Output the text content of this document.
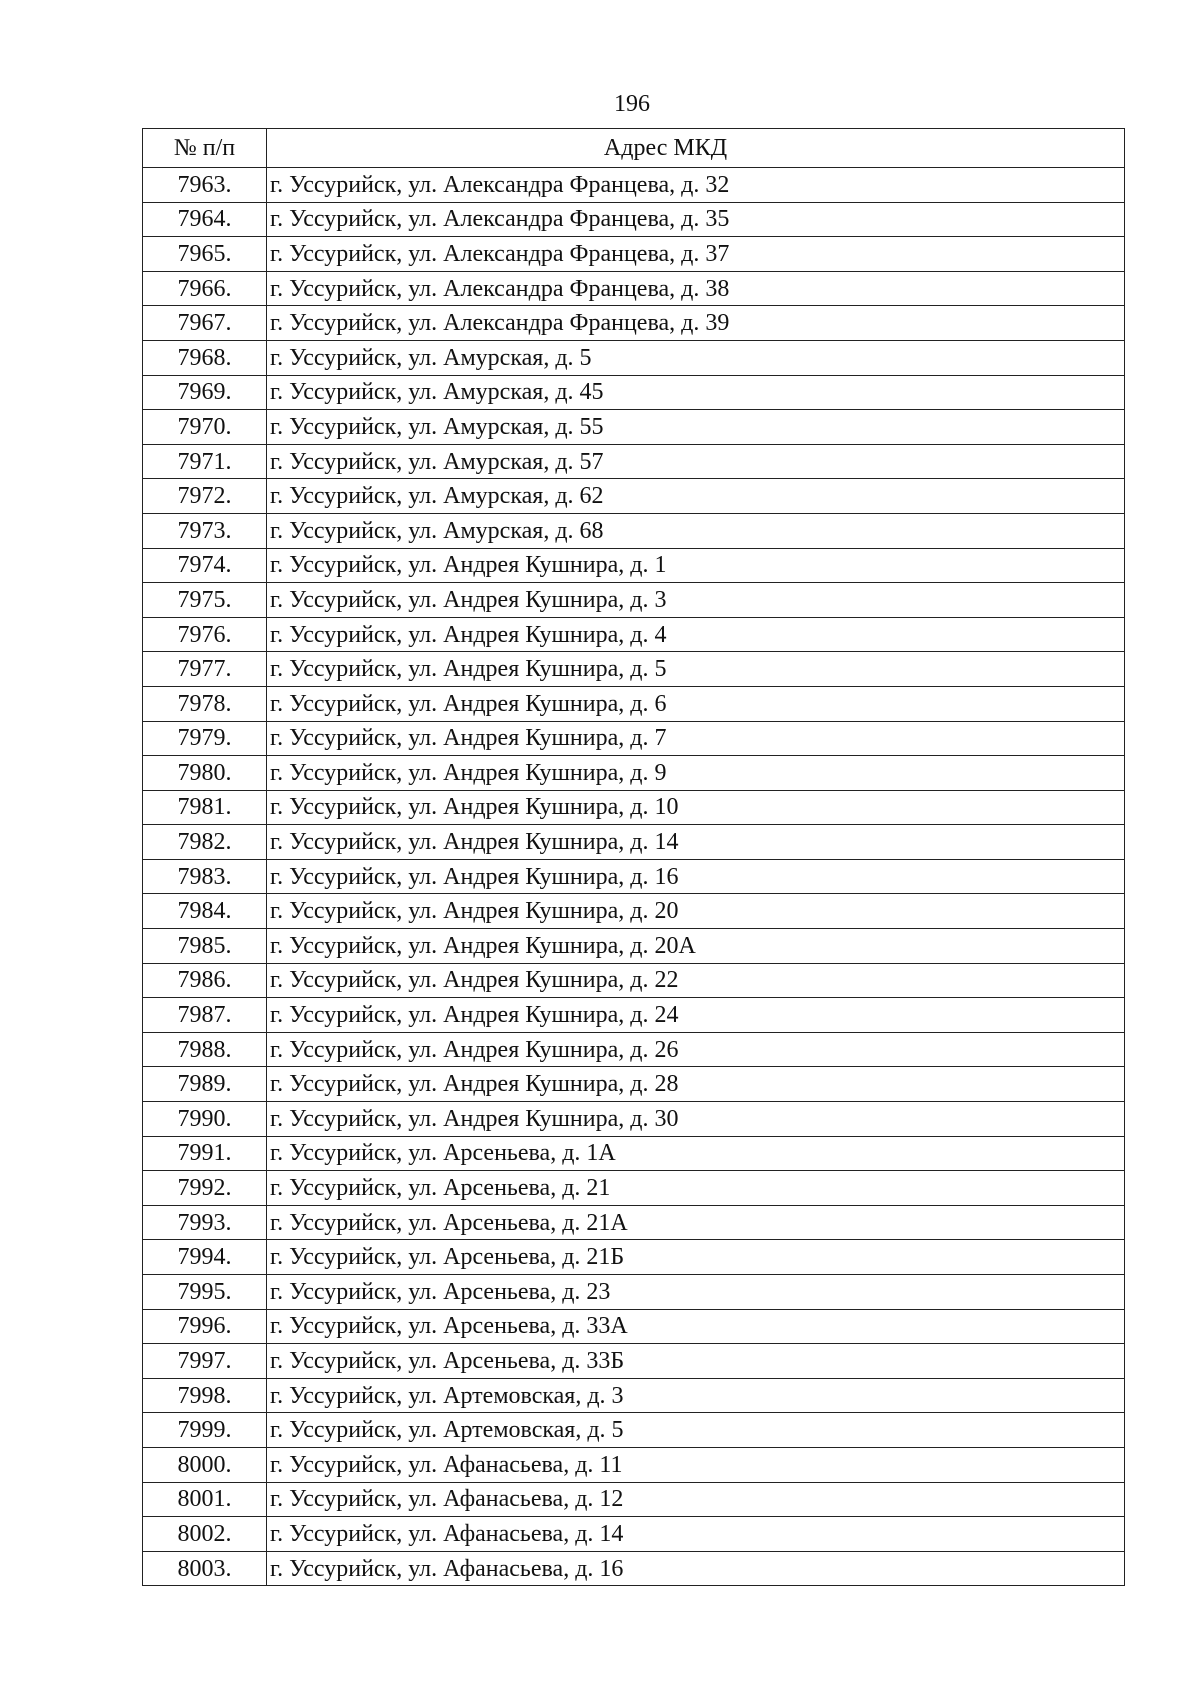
196
№ п/п	Адрес МКД
7963.	г. Уссурийск, ул. Александра Францева, д. 32
7964.	г. Уссурийск, ул. Александра Францева, д. 35
7965.	г. Уссурийск, ул. Александра Францева, д. 37
7966.	г. Уссурийск, ул. Александра Францева, д. 38
7967.	г. Уссурийск, ул. Александра Францева, д. 39
7968.	г. Уссурийск, ул. Амурская, д. 5
7969.	г. Уссурийск, ул. Амурская, д. 45
7970.	г. Уссурийск, ул. Амурская, д. 55
7971.	г. Уссурийск, ул. Амурская, д. 57
7972.	г. Уссурийск, ул. Амурская, д. 62
7973.	г. Уссурийск, ул. Амурская, д. 68
7974.	г. Уссурийск, ул. Андрея Кушнира, д. 1
7975.	г. Уссурийск, ул. Андрея Кушнира, д. 3
7976.	г. Уссурийск, ул. Андрея Кушнира, д. 4
7977.	г. Уссурийск, ул. Андрея Кушнира, д. 5
7978.	г. Уссурийск, ул. Андрея Кушнира, д. 6
7979.	г. Уссурийск, ул. Андрея Кушнира, д. 7
7980.	г. Уссурийск, ул. Андрея Кушнира, д. 9
7981.	г. Уссурийск, ул. Андрея Кушнира, д. 10
7982.	г. Уссурийск, ул. Андрея Кушнира, д. 14
7983.	г. Уссурийск, ул. Андрея Кушнира, д. 16
7984.	г. Уссурийск, ул. Андрея Кушнира, д. 20
7985.	г. Уссурийск, ул. Андрея Кушнира, д. 20А
7986.	г. Уссурийск, ул. Андрея Кушнира, д. 22
7987.	г. Уссурийск, ул. Андрея Кушнира, д. 24
7988.	г. Уссурийск, ул. Андрея Кушнира, д. 26
7989.	г. Уссурийск, ул. Андрея Кушнира, д. 28
7990.	г. Уссурийск, ул. Андрея Кушнира, д. 30
7991.	г. Уссурийск, ул. Арсеньева, д. 1А
7992.	г. Уссурийск, ул. Арсеньева, д. 21
7993.	г. Уссурийск, ул. Арсеньева, д. 21А
7994.	г. Уссурийск, ул. Арсеньева, д. 21Б
7995.	г. Уссурийск, ул. Арсеньева, д. 23
7996.	г. Уссурийск, ул. Арсеньева, д. 33А
7997.	г. Уссурийск, ул. Арсеньева, д. 33Б
7998.	г. Уссурийск, ул. Артемовская, д. 3
7999.	г. Уссурийск, ул. Артемовская, д. 5
8000.	г. Уссурийск, ул. Афанасьева, д. 11
8001.	г. Уссурийск, ул. Афанасьева, д. 12
8002.	г. Уссурийск, ул. Афанасьева, д. 14
8003.	г. Уссурийск, ул. Афанасьева, д. 16
